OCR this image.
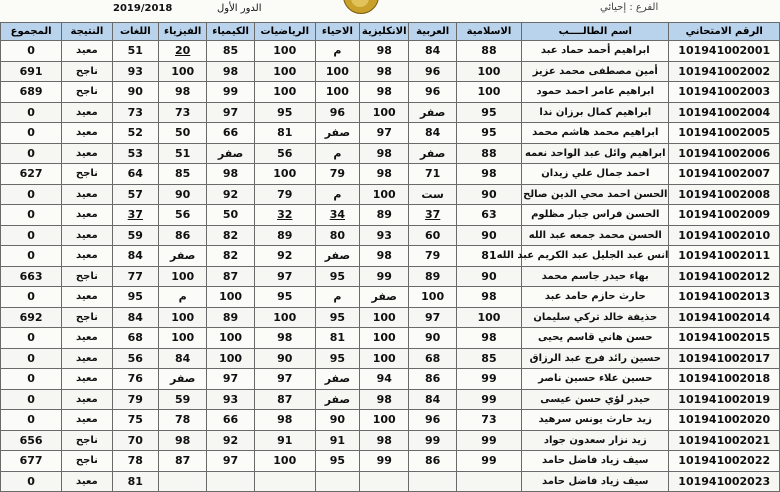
2019/2018	الدور الأول	الفرع : إحيائي
الرقم الامتحاني	اسم الطالــــب	الاسلامية	العربية	الانكليزية	الاحياء	الرياضيات	الكيمياء	الفيزياء	اللغات	النتيجة	المجموع
101941002001	ابراهيم أحمد حماد عبد	88	84	98	م	100	85	20	51	معيد	0
101941002002	أمين مصطفى محمد عزيز	100	96	98	100	100	98	100	93	ناجح	691
101941002003	ابراهيم عامر احمد حمود	100	96	98	100	100	99	98	90	ناجح	689
101941002004	ابراهيم كمال برزان ندا	95	صفر	100	96	95	97	73	73	معيد	0
101941002005	ابراهيم محمد هاشم محمد	95	84	97	صفر	81	66	50	52	معيد	0
101941002006	ابراهيم وائل عبد الواحد نعمه	88	صفر	98	م	56	صفر	51	53	معيد	0
101941002007	احمد جمال علي زيدان	98	71	98	79	100	98	85	64	ناجح	627
101941002008	الحسن احمد محي الدين صالح	90	ست	100	م	79	92	90	57	معيد	0
101941002009	الحسن فراس جبار مظلوم	63	37	89	34	32	50	56	37	معيد	0
101941002010	الحسن محمد جمعه عبد الله	90	60	93	80	89	82	86	59	معيد	0
101941002011	انس عبد الجليل عبد الكريم عبد الله	81	79	98	صفر	92	82	صفر	84	معيد	0
101941002012	بهاء حيدر جاسم محمد	90	89	99	95	97	87	100	77	ناجح	663
101941002013	حارث حازم حامد عبد	98	100	صفر	م	95	100	م	95	معيد	0
101941002014	حذيفة خالد تركي سليمان	100	97	100	95	100	89	100	84	ناجح	692
101941002015	حسن هاني قاسم يحيى	98	90	100	81	98	100	100	68	معيد	0
101941002017	حسين رائد فرج عبد الرزاق	85	68	100	95	90	100	84	56	معيد	0
101941002018	حسين علاء حسين ناصر	99	86	94	صفر	97	97	صفر	76	معيد	0
101941002019	حيدر لؤي حسن عيسى	99	84	98	صفر	87	93	59	79	معيد	0
101941002020	زيد حارث يونس سرهيد	73	96	100	90	98	66	78	75	معيد	0
101941002021	زيد نزار سعدون جواد	99	99	98	91	91	92	98	70	ناجح	656
101941002022	سيف زياد فاضل حامد	99	86	99	95	100	97	87	78	ناجح	677
101941002023	سيف زياد فاضل حامد								81	معيد	0
